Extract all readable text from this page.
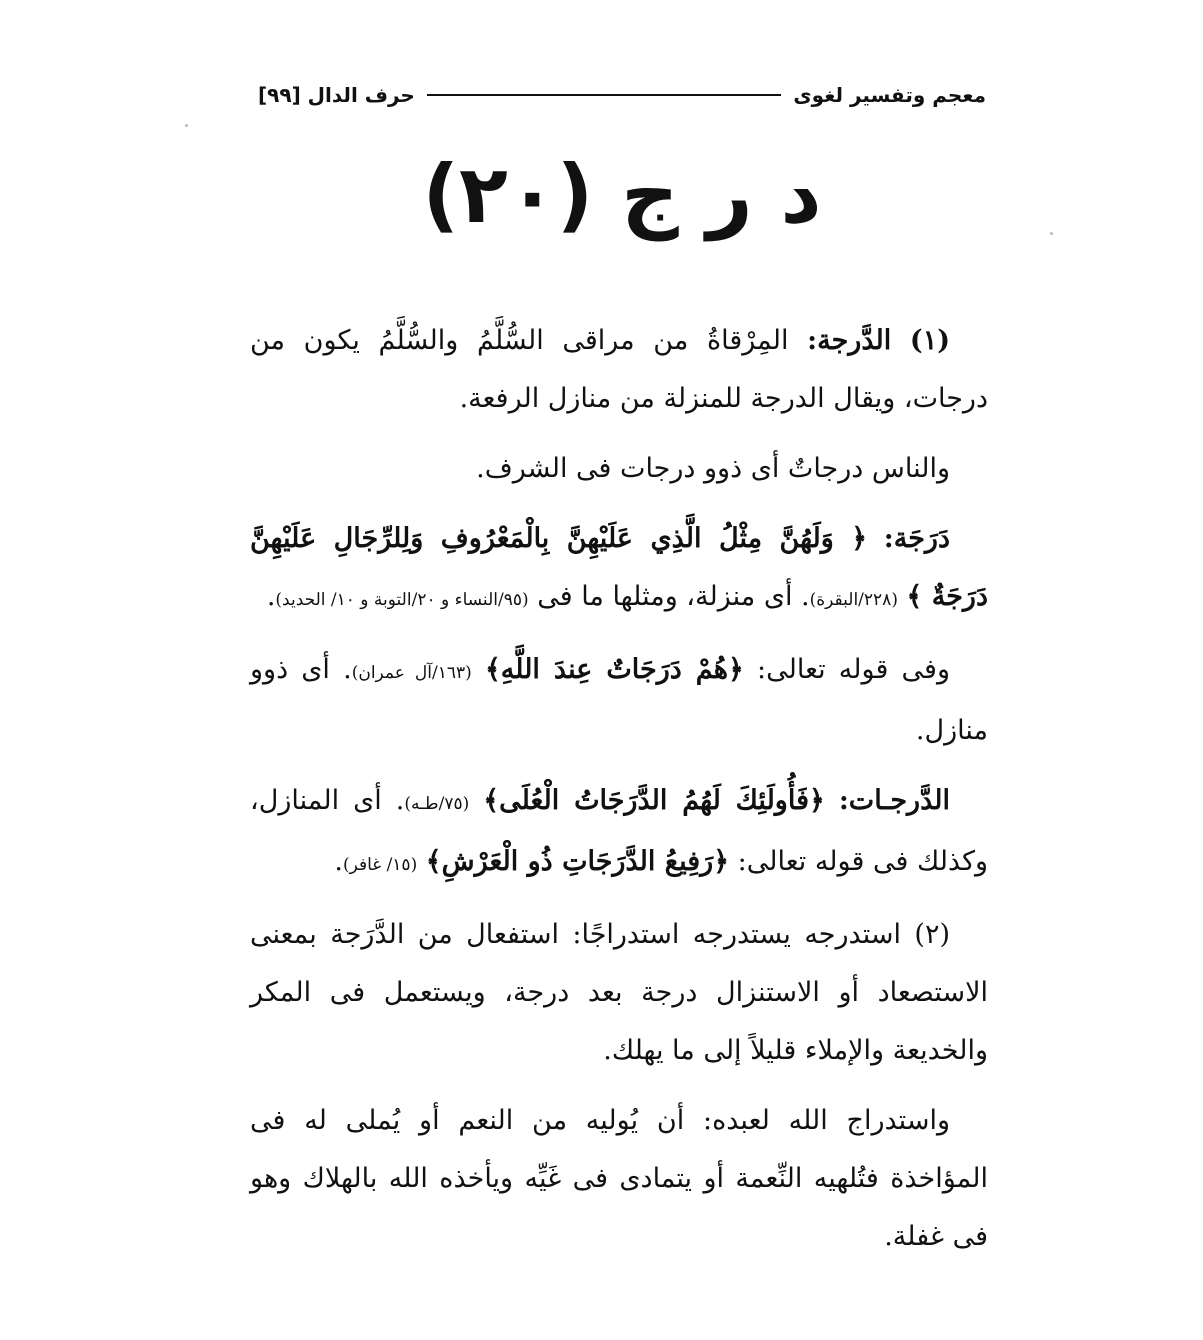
معجم وتفسير لغوى
حرف الدال [٩٩]
د ر ج (٢٠)

(١) الدَّرجة: المِرْقاةُ من مراقى السُّلَّمُ والسُّلَّمُ يكون من درجات، ويقال الدرجة للمنزلة من منازل الرفعة.

والناس درجاتٌ أى ذوو درجات فى الشرف.

دَرَجَة: ﴿ وَلَهُنَّ مِثْلُ الَّذِي عَلَيْهِنَّ بِالْمَعْرُوفِ وَلِلرِّجَالِ عَلَيْهِنَّ دَرَجَةٌ ﴾ (٢٢٨/البقرة). أى منزلة، ومثلها ما فى (٩٥/النساء و ٢٠/التوبة و ١٠/ الحديد).

وفى قوله تعالى: ﴿هُمْ دَرَجَاتٌ عِندَ اللَّهِ﴾ (١٦٣/آل عمران). أى ذوو منازل.

الدَّرجـات: ﴿فَأُولَئِكَ لَهُمُ الدَّرَجَاتُ الْعُلَى﴾ (٧٥/طـه). أى المنازل، وكذلك فى قوله تعالى: ﴿رَفِيعُ الدَّرَجَاتِ ذُو الْعَرْشِ﴾ (١٥/ غافر).

(٢) استدرجه يستدرجه استدراجًا: استفعال من الدَّرَجة بمعنى الاستصعاد أو الاستنزال درجة بعد درجة، ويستعمل فى المكر والخديعة والإملاء قليلاً إلى ما يهلك.

واستدراج الله لعبده: أن يُوليه من النعم أو يُملى له فى المؤاخذة فتُلهيه النِّعمة أو يتمادى فى غَيِّه ويأخذه الله بالهلاك وهو فى غفلة.
